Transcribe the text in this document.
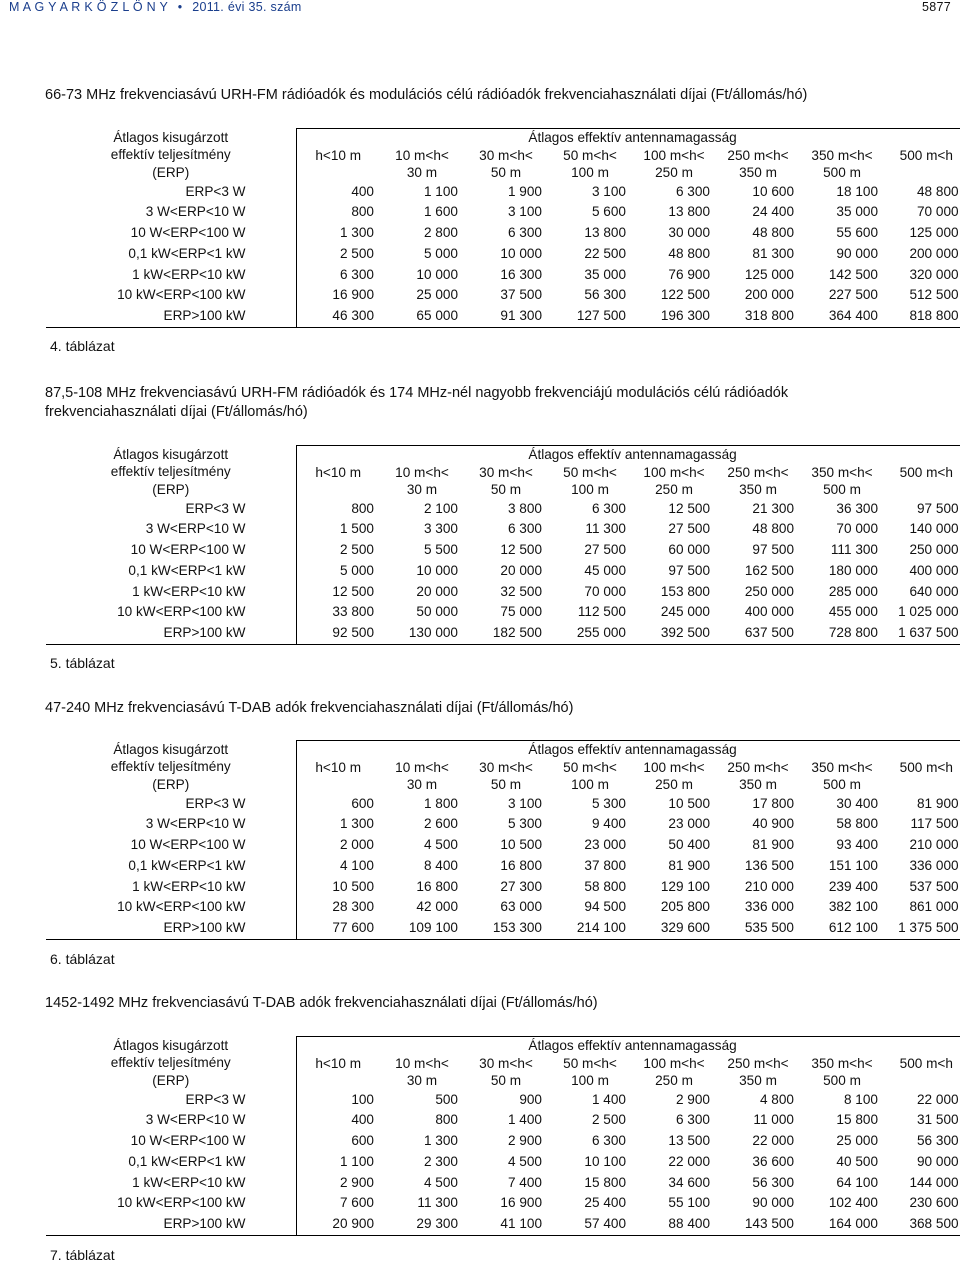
M A G Y A R K Ö Z L Ö N Y • 2011. évi 35. szám	5877
66-73 MHz frekvenciasávú URH-FM rádióadók és modulációs célú rádióadók frekvenciahasználati díjai (Ft/állomás/hó)
Átlagos kisugárzott
effektív teljesítmény
(ERP)	Átlagos effektív antennamagasság							
	h<10 m	10 m<h<	30 m<h<	50 m<h<	100 m<h<	250 m<h<	350 m<h<	500 m<h
		30 m	50 m	100 m	250 m	350 m	500 m	
ERP<3 W	400	1 100	1 900	3 100	6 300	10 600	18 100	48 800
3 W<ERP<10 W	800	1 600	3 100	5 600	13 800	24 400	35 000	70 000
10 W<ERP<100 W	1 300	2 800	6 300	13 800	30 000	48 800	55 600	125 000
0,1 kW<ERP<1 kW	2 500	5 000	10 000	22 500	48 800	81 300	90 000	200 000
1 kW<ERP<10 kW	6 300	10 000	16 300	35 000	76 900	125 000	142 500	320 000
10 kW<ERP<100 kW	16 900	25 000	37 500	56 300	122 500	200 000	227 500	512 500
ERP>100 kW	46 300	65 000	91 300	127 500	196 300	318 800	364 400	818 800
4. táblázat
87,5-108 MHz frekvenciasávú URH-FM rádióadók és 174 MHz-nél nagyobb frekvenciájú modulációs célú rádióadók frekvenciahasználati díjai (Ft/állomás/hó)
Átlagos kisugárzott
effektív teljesítmény
(ERP)	Átlagos effektív antennamagasság							
	h<10 m	10 m<h<	30 m<h<	50 m<h<	100 m<h<	250 m<h<	350 m<h<	500 m<h
		30 m	50 m	100 m	250 m	350 m	500 m	
ERP<3 W	800	2 100	3 800	6 300	12 500	21 300	36 300	97 500
3 W<ERP<10 W	1 500	3 300	6 300	11 300	27 500	48 800	70 000	140 000
10 W<ERP<100 W	2 500	5 500	12 500	27 500	60 000	97 500	111 300	250 000
0,1 kW<ERP<1 kW	5 000	10 000	20 000	45 000	97 500	162 500	180 000	400 000
1 kW<ERP<10 kW	12 500	20 000	32 500	70 000	153 800	250 000	285 000	640 000
10 kW<ERP<100 kW	33 800	50 000	75 000	112 500	245 000	400 000	455 000	1 025 000
ERP>100 kW	92 500	130 000	182 500	255 000	392 500	637 500	728 800	1 637 500
5. táblázat
47-240 MHz frekvenciasávú T-DAB adók frekvenciahasználati díjai (Ft/állomás/hó)
Átlagos kisugárzott
effektív teljesítmény
(ERP)	Átlagos effektív antennamagasság							
	h<10 m	10 m<h<	30 m<h<	50 m<h<	100 m<h<	250 m<h<	350 m<h<	500 m<h
		30 m	50 m	100 m	250 m	350 m	500 m	
ERP<3 W	600	1 800	3 100	5 300	10 500	17 800	30 400	81 900
3 W<ERP<10 W	1 300	2 600	5 300	9 400	23 000	40 900	58 800	117 500
10 W<ERP<100 W	2 000	4 500	10 500	23 000	50 400	81 900	93 400	210 000
0,1 kW<ERP<1 kW	4 100	8 400	16 800	37 800	81 900	136 500	151 100	336 000
1 kW<ERP<10 kW	10 500	16 800	27 300	58 800	129 100	210 000	239 400	537 500
10 kW<ERP<100 kW	28 300	42 000	63 000	94 500	205 800	336 000	382 100	861 000
ERP>100 kW	77 600	109 100	153 300	214 100	329 600	535 500	612 100	1 375 500
6. táblázat
1452-1492 MHz frekvenciasávú T-DAB adók frekvenciahasználati díjai (Ft/állomás/hó)
Átlagos kisugárzott
effektív teljesítmény
(ERP)	Átlagos effektív antennamagasság							
	h<10 m	10 m<h<	30 m<h<	50 m<h<	100 m<h<	250 m<h<	350 m<h<	500 m<h
		30 m	50 m	100 m	250 m	350 m	500 m	
ERP<3 W	100	500	900	1 400	2 900	4 800	8 100	22 000
3 W<ERP<10 W	400	800	1 400	2 500	6 300	11 000	15 800	31 500
10 W<ERP<100 W	600	1 300	2 900	6 300	13 500	22 000	25 000	56 300
0,1 kW<ERP<1 kW	1 100	2 300	4 500	10 100	22 000	36 600	40 500	90 000
1 kW<ERP<10 kW	2 900	4 500	7 400	15 800	34 600	56 300	64 100	144 000
10 kW<ERP<100 kW	7 600	11 300	16 900	25 400	55 100	90 000	102 400	230 600
ERP>100 kW	20 900	29 300	41 100	57 400	88 400	143 500	164 000	368 500
7. táblázat
